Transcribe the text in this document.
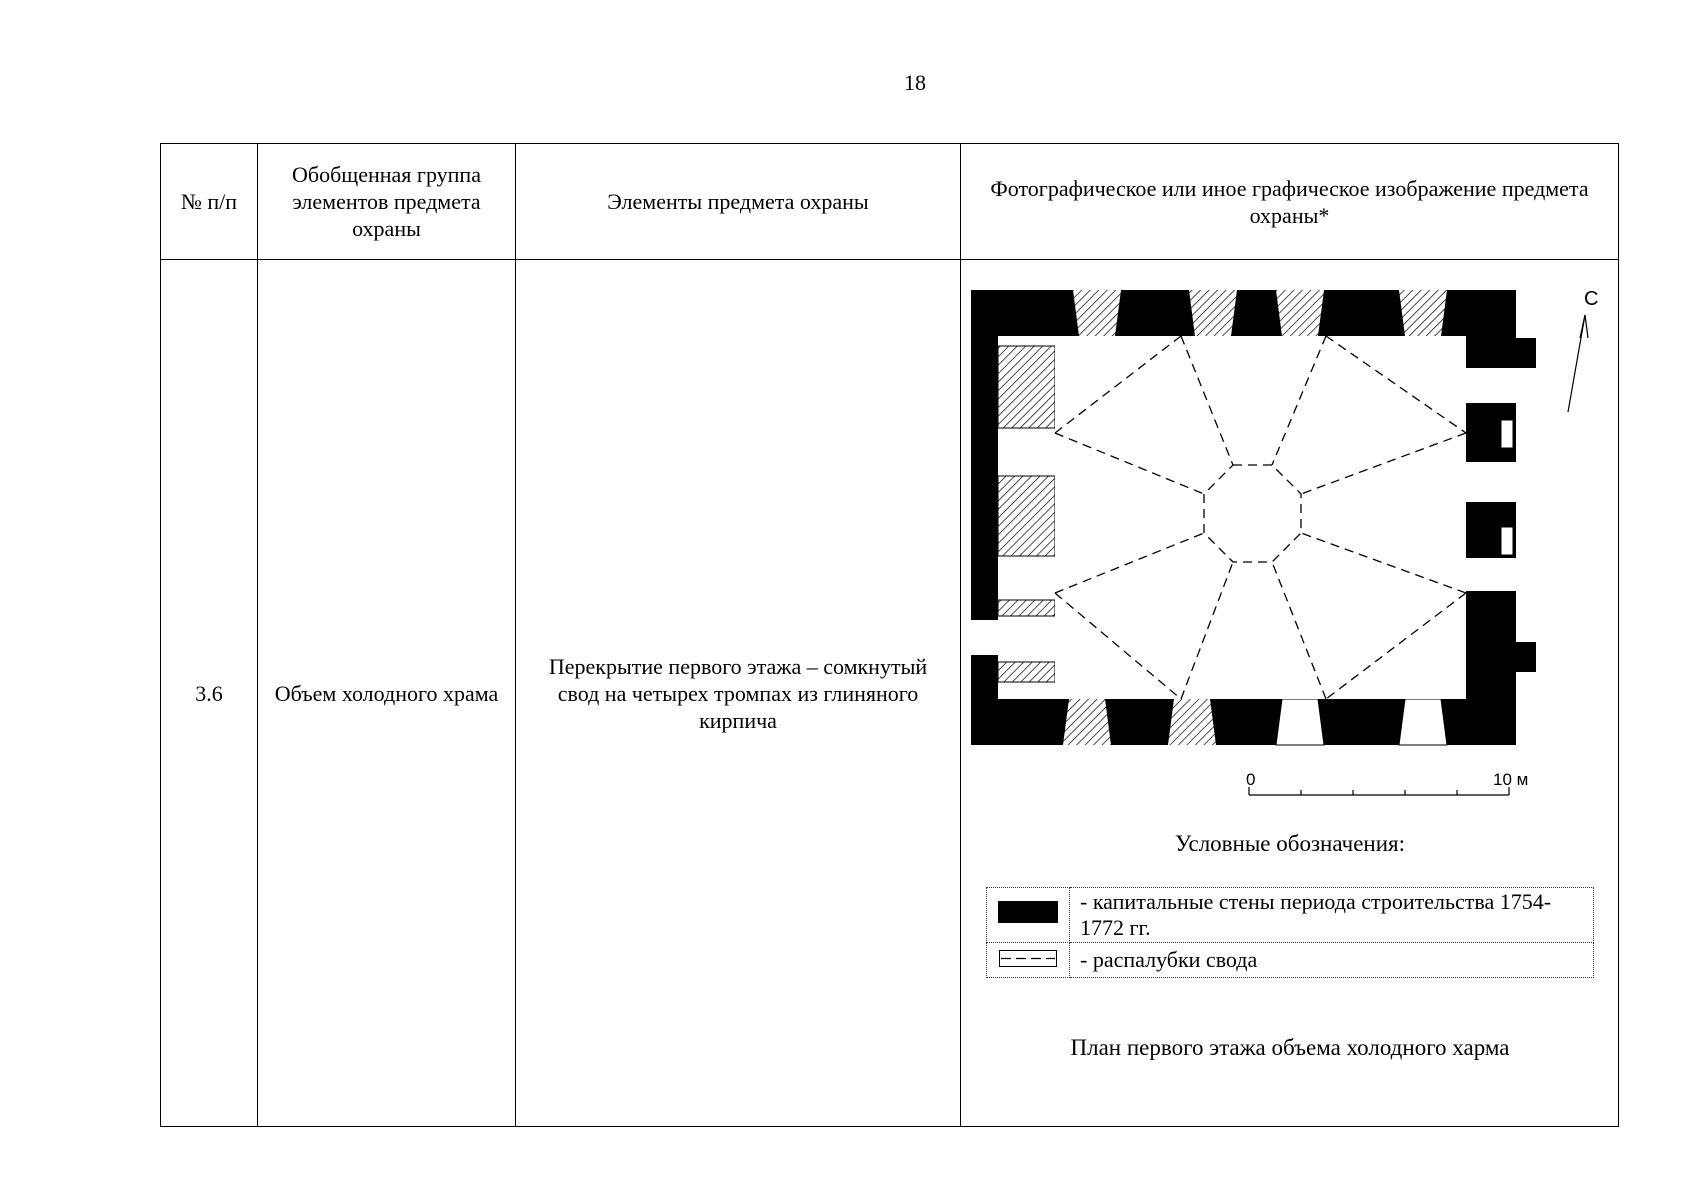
18
№ п/п	Обобщенная группа элементов предмета охраны	Элементы предмета охраны	Фотографическое или иное графическое изображение предмета охраны*
3.6	Объем холодного храма	Перекрытие первого этажа – сомкнутый свод на четырех тромпах из глиняного кирпича	
С
0	10 м
Условные обозначения:
	- капитальные стены периода строительства 1754-1772 гг.
	- распалубки свода
План первого этажа объема холодного харма
